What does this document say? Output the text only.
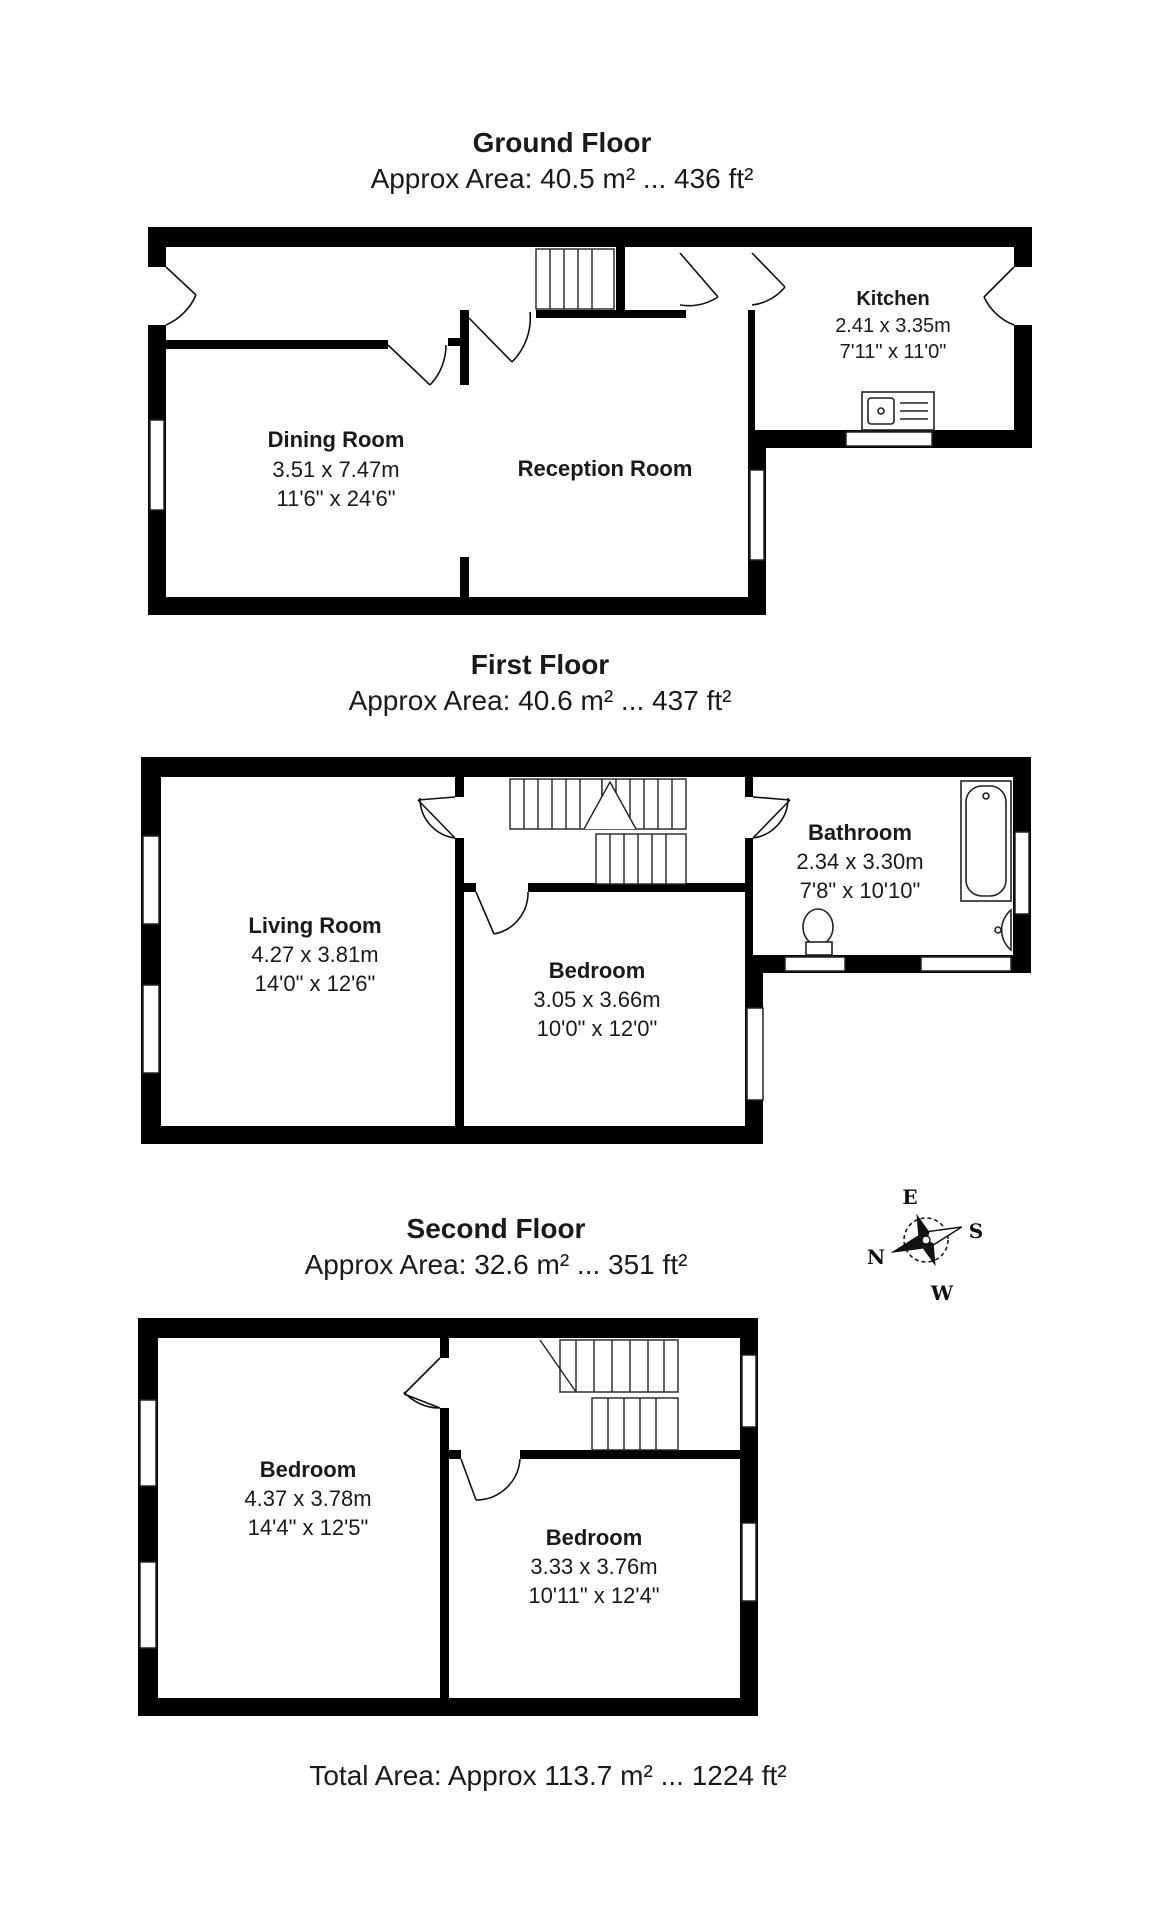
Ground Floor
Approx Area: 40.5 m² ... 436 ft²
Dining Room
3.51 x 7.47m
11'6" x 24'6"
Reception Room
Kitchen
2.41 x 3.35m
7'11" x 11'0"
First Floor
Approx Area: 40.6 m² ... 437 ft²
Living Room
4.27 x 3.81m
14'0" x 12'6"
Bedroom
3.05 x 3.66m
10'0" x 12'0"
Bathroom
2.34 x 3.30m
7'8" x 10'10"
Second Floor
Approx Area: 32.6 m² ... 351 ft²
Bedroom
4.37 x 3.78m
14'4" x 12'5"	Bedroom
3.33 x 3.76m
10'11" x 12'4"
E
S
W
N
Total Area: Approx 113.7 m² ... 1224 ft²
